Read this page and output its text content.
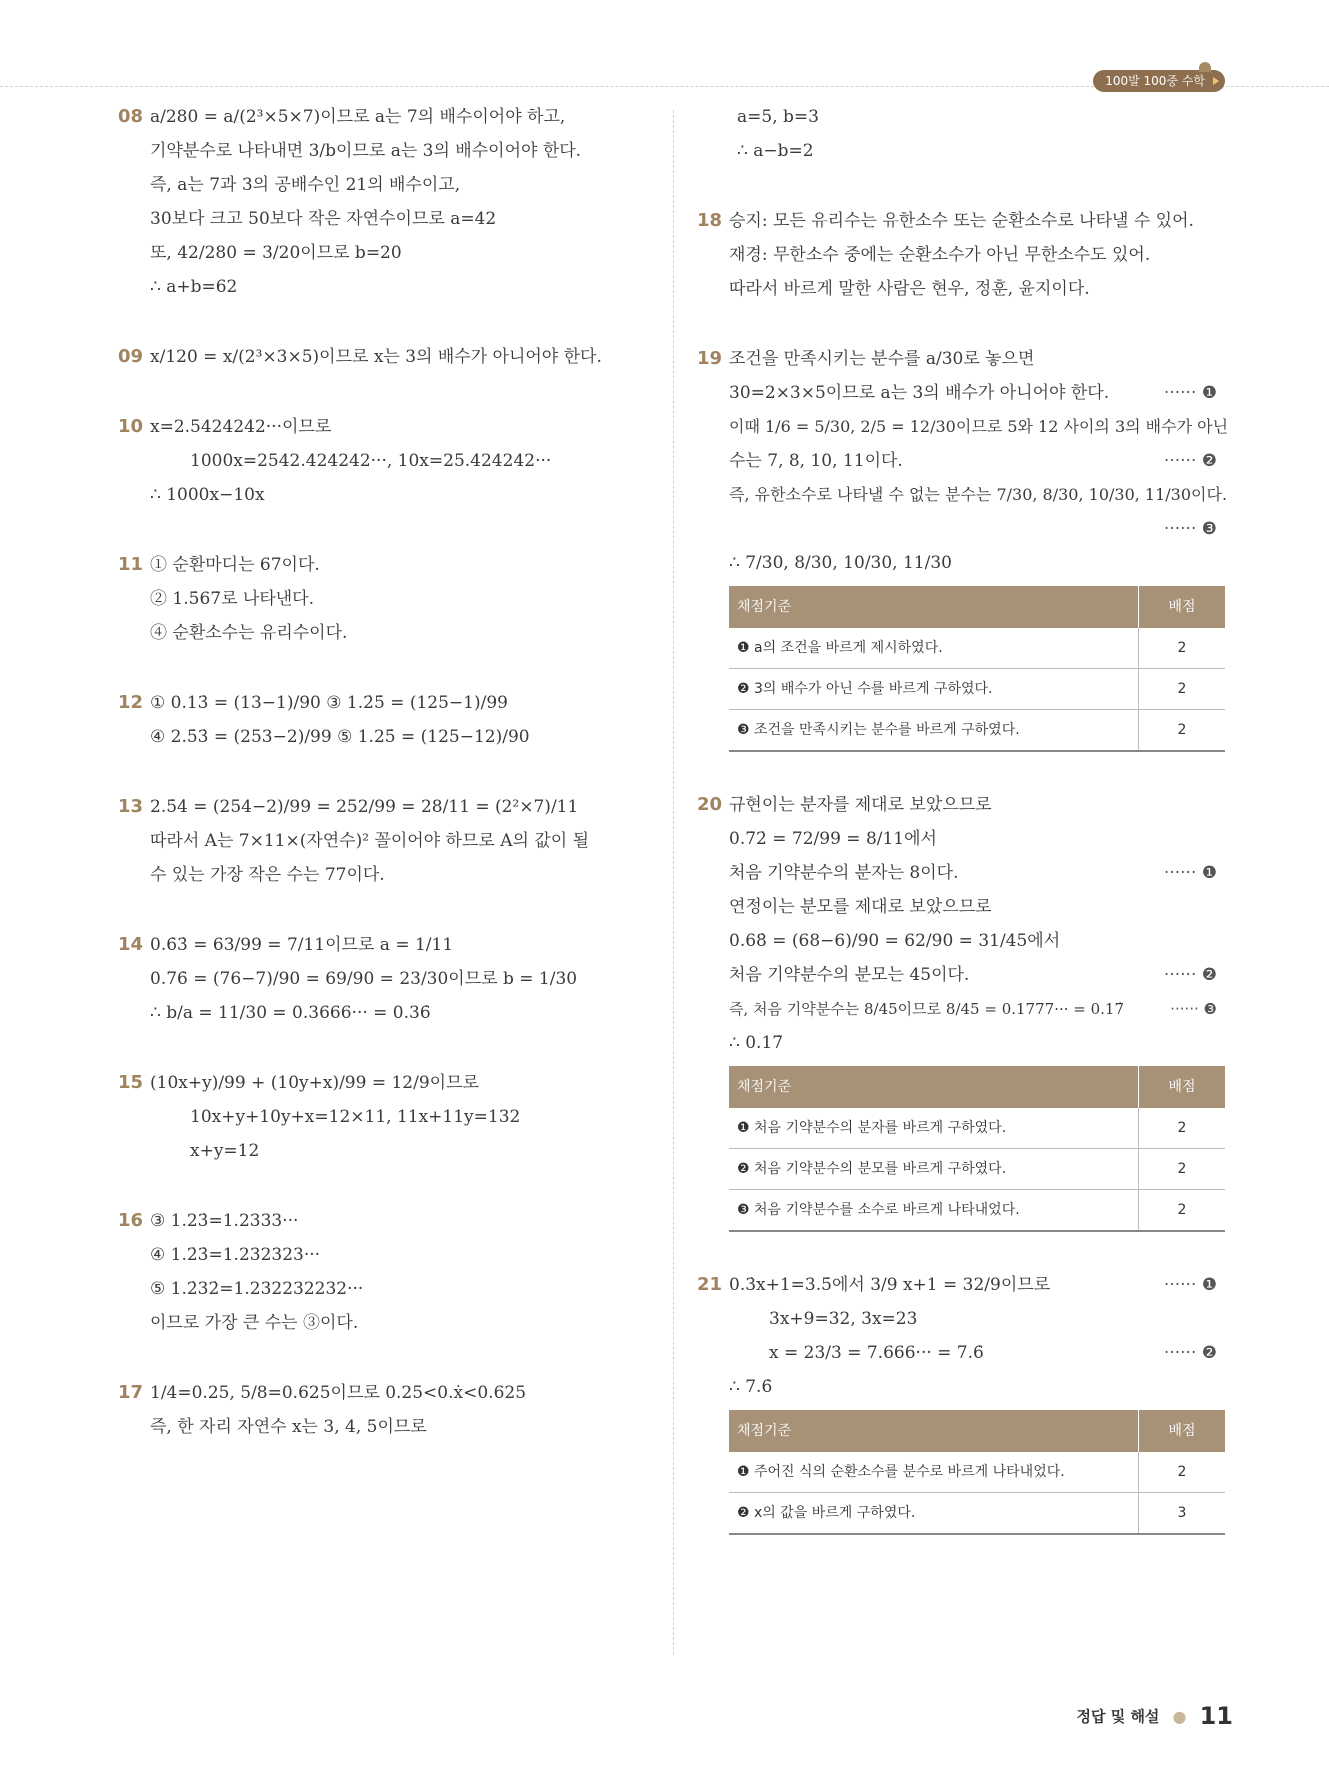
100발 100중 수학
08 a/280 = a/(2³×5×7)이므로 a는 7의 배수이어야 하고,
기약분수로 나타내면 3/b이므로 a는 3의 배수이어야 한다.
즉, a는 7과 3의 공배수인 21의 배수이고,
30보다 크고 50보다 작은 자연수이므로 a=42
또, 42/280 = 3/20이므로 b=20
∴ a+b=62
09 x/120 = x/(2³×3×5)이므로 x는 3의 배수가 아니어야 한다.
10 x=2.5424242···이므로
1000x=2542.424242···, 10x=25.424242···
∴ 1000x−10x
11 ① 순환마디는 67이다.
② 1.5̇67̇로 나타낸다.
④ 순환소수는 유리수이다.
12 ① 0.13̇ = (13−1)/90 ③ 1.2̇5̇ = (125−1)/99
④ 2.5̇3̇ = (253−2)/99 ⑤ 1.25̇ = (125−12)/90
13 2.5̇4̇ = (254−2)/99 = 252/99 = 28/11 = (2²×7)/11
따라서 A는 7×11×(자연수)² 꼴이어야 하므로 A의 값이 될
수 있는 가장 작은 수는 77이다.
14 0.6̇3̇ = 63/99 = 7/11이므로 a = 1/11
0.76̇ = (76−7)/90 = 69/90 = 23/30이므로 b = 1/30
∴ b/a = 11/30 = 0.3666··· = 0.36̇
15 (10x+y)/99 + (10y+x)/99 = 12/9이므로
10x+y+10y+x=12×11, 11x+11y=132
x+y=12
16 ③ 1.23̇=1.2333···
④ 1.2̇3̇=1.232323···
⑤ 1.2̇32̇=1.232232232···
이므로 가장 큰 수는 ③이다.
17 1/4=0.25, 5/8=0.625이므로 0.25<0.ẋ<0.625
즉, 한 자리 자연수 x는 3, 4, 5이므로
a=5, b=3
∴ a−b=2
18 승지: 모든 유리수는 유한소수 또는 순환소수로 나타낼 수 있어.
재경: 무한소수 중에는 순환소수가 아닌 무한소수도 있어.
따라서 바르게 말한 사람은 현우, 정훈, 윤지이다.
19 조건을 만족시키는 분수를 a/30로 놓으면
30=2×3×5이므로 a는 3의 배수가 아니어야 한다.	······ ❶
이때 1/6 = 5/30, 2/5 = 12/30이므로 5와 12 사이의 3의 배수가 아닌
수는 7, 8, 10, 11이다.	······ ❷
즉, 유한소수로 나타낼 수 없는 분수는 7/30, 8/30, 10/30, 11/30이다.
······ ❸
∴ 7/30, 8/30, 10/30, 11/30
채점기준	배점
❶ a의 조건을 바르게 제시하였다.	2
❷ 3의 배수가 아닌 수를 바르게 구하였다.	2
❸ 조건을 만족시키는 분수를 바르게 구하였다.	2
20 규현이는 분자를 제대로 보았으므로
0.7̇2̇ = 72/99 = 8/11에서
처음 기약분수의 분자는 8이다.	······ ❶
연정이는 분모를 제대로 보았으므로
0.68̇ = (68−6)/90 = 62/90 = 31/45에서
처음 기약분수의 분모는 45이다.	······ ❷
즉, 처음 기약분수는 8/45이므로 8/45 = 0.1777··· = 0.17̇	······ ❸
∴ 0.17̇
채점기준	배점
❶ 처음 기약분수의 분자를 바르게 구하였다.	2
❷ 처음 기약분수의 분모를 바르게 구하였다.	2
❸ 처음 기약분수를 소수로 바르게 나타내었다.	2
21 0.3̇x+1=3.5̇에서 3/9 x+1 = 32/9이므로	······ ❶
3x+9=32, 3x=23
x = 23/3 = 7.666··· = 7.6̇	······ ❷
∴ 7.6̇
채점기준	배점
❶ 주어진 식의 순환소수를 분수로 바르게 나타내었다.	2
❷ x의 값을 바르게 구하였다.	3
정답 및 해설 ● 11
